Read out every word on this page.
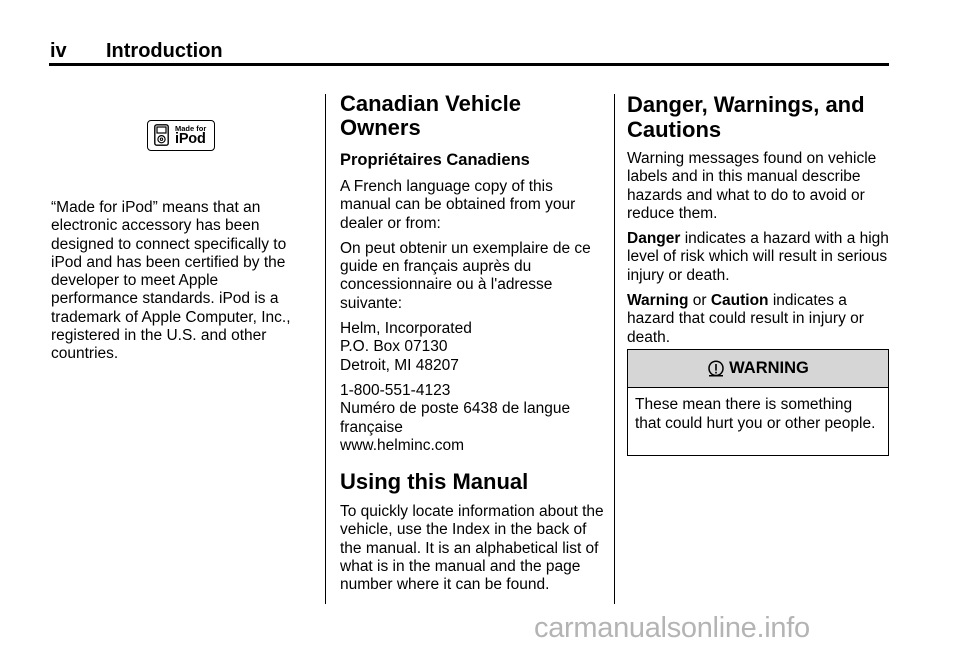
iv Introduction
Made for
iPod

“Made for iPod” means that an electronic accessory has been designed to connect specifically to iPod and has been certified by the developer to meet Apple performance standards. iPod is a trademark of Apple Computer, Inc., registered in the U.S. and other countries.

Canadian Vehicle Owners
Propriétaires Canadiens

A French language copy of this manual can be obtained from your dealer or from:

On peut obtenir un exemplaire de ce guide en français auprès du concessionnaire ou à l'adresse suivante:

Helm, Incorporated
P.O. Box 07130
Detroit, MI 48207
1-800-551-4123
Numéro de poste 6438 de langue
française
www.helminc.com
Using this Manual

To quickly locate information about the vehicle, use the Index in the back of the manual. It is an alphabetical list of what is in the manual and the page number where it can be found.

Danger, Warnings, and Cautions

Warning messages found on vehicle labels and in this manual describe hazards and what to do to avoid or reduce them.

Danger indicates a hazard with a high level of risk which will result in serious injury or death.

Warning or Caution indicates a hazard that could result in injury or death.

WARNING
These mean there is something that could hurt you or other people.
carmanualsonline.info
